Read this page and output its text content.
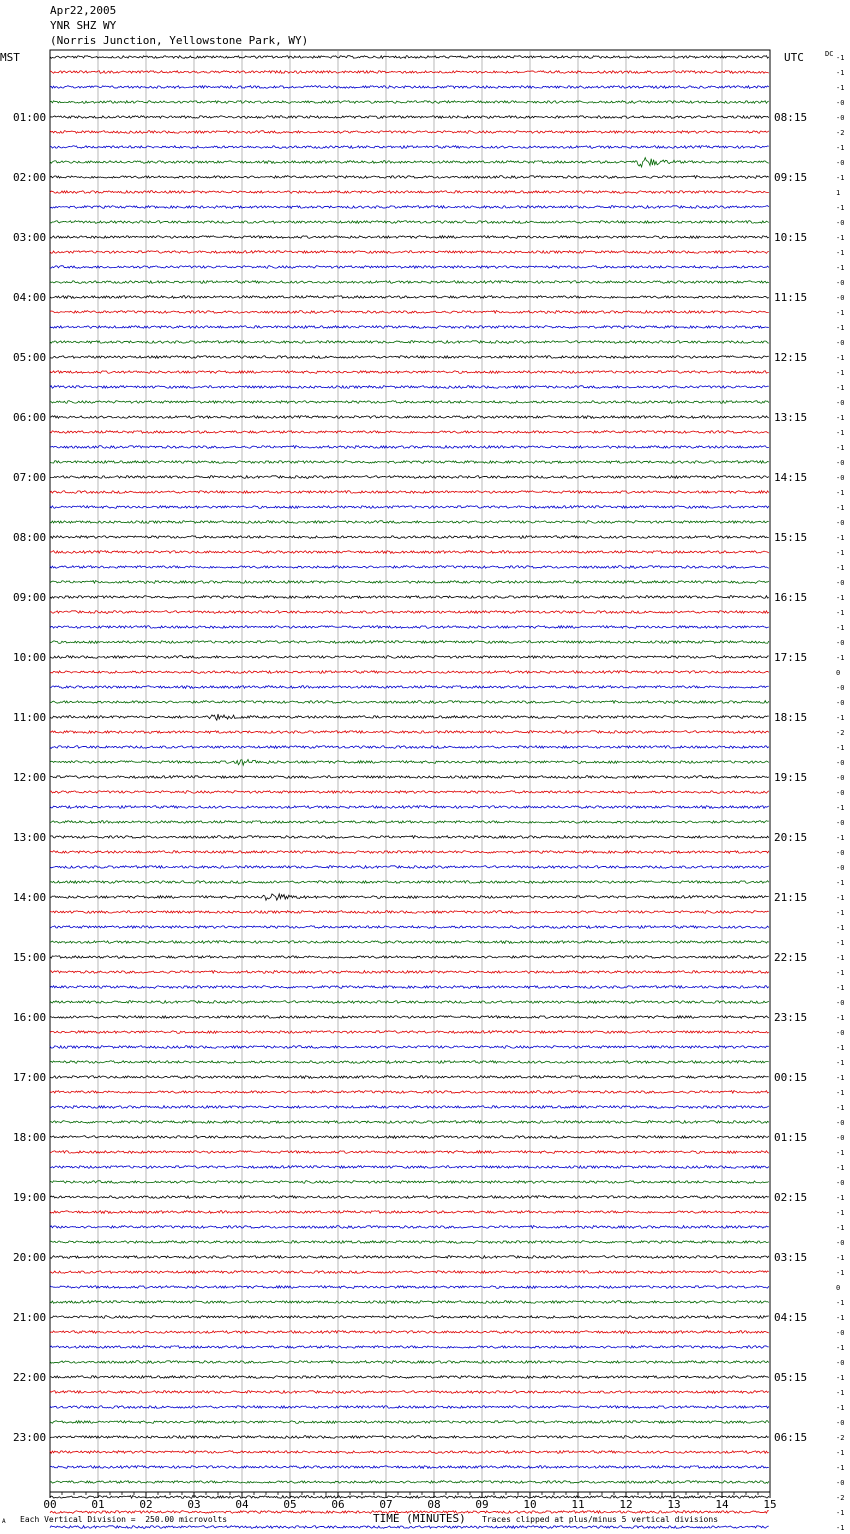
Apr22,2005
YNR SHZ WY
(Norris Junction, Yellowstone Park, WY)
MST	UTC	DC
01:00
02:00
03:00
04:00
05:00
06:00
07:00
08:00
09:00
10:00
11:00
12:00
13:00
14:00
15:00
16:00
17:00
18:00
19:00
20:00
21:00
22:00
23:00
08:15
09:15
10:15
11:15
12:15
13:15
14:15
15:15
16:15
17:15
18:15
19:15
20:15
21:15
22:15
23:15
00:15
01:15
02:15
03:15
04:15
05:15
06:15
-1
-1
-1
-0
-0
-2
-1
-0
-1
1
-1
-0
-1
-1
-1
-0
-0
-1
-1
-0
-1
-1
-1
-0
-1
-1
-1
-0
-0
-1
-1
-0
-1
-1
-1
-0
-1
-1
-1
-0
-1
0
-0
-0
-1
-2
-1
-0
-0
-0
-1
-0
-1
-0
-0
-1
-1
-1
-1
-1
-1
-1
-1
-0
-1
-0
-1
-1
-1
-1
-1
-0
-0
-1
-1
-0
-1
-1
-1
-0
-1
-1
0
-1
-1
-0
-1
-0
-1
-1
-1
-0
-2
-1
-1
-0
-2
-1
-1
00	01	02	03	04	05	06	07	08	09	10	11	12	13	14	15
A Each Vertical Division =  250.00 microvolts	TIME (MINUTES) Traces clipped at plus/minus 5 vertical divisions
